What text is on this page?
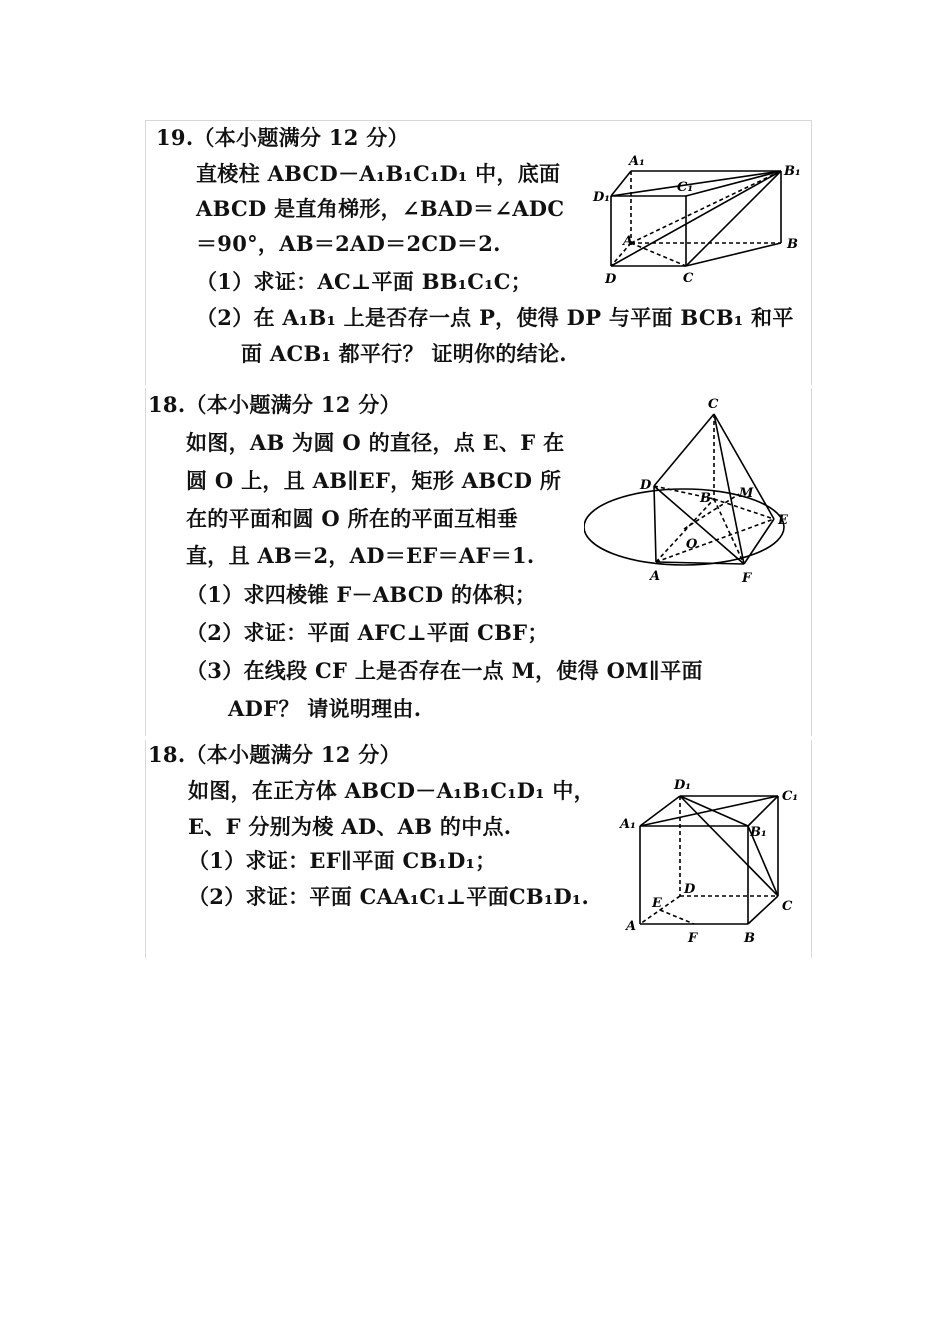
19.（本小题满分 12 分）
直棱柱 ABCD－A₁B₁C₁D₁ 中，底面
ABCD 是直角梯形，∠BAD＝∠ADC
＝90°，AB＝2AD＝2CD＝2.
（1）求证：AC⊥平面 BB₁C₁C；
（2）在 A₁B₁ 上是否存一点 P，使得 DP 与平面 BCB₁ 和平
面 ACB₁ 都平行？ 证明你的结论.
A₁
B₁
C₁
D₁
A	B
C
D
18.（本小题满分 12 分）
如图，AB 为圆 O 的直径，点 E、F 在
圆 O 上，且 AB∥EF，矩形 ABCD 所
在的平面和圆 O 所在的平面互相垂
直，且 AB＝2，AD＝EF＝AF＝1.
（1）求四棱锥 F－ABCD 的体积；
（2）求证：平面 AFC⊥平面 CBF；
（3）在线段 CF 上是否存在一点 M，使得 OM∥平面
ADF？ 请说明理由.
C
D
B M
E
O
A	F
18.（本小题满分 12 分）
如图，在正方体 ABCD－A₁B₁C₁D₁ 中，
E、F 分别为棱 AD、AB 的中点.
（1）求证：EF∥平面 CB₁D₁；
（2）求证：平面 CAA₁C₁⊥平面CB₁D₁.
D₁
C₁
A₁
B₁
E
D
C
A
F	B
